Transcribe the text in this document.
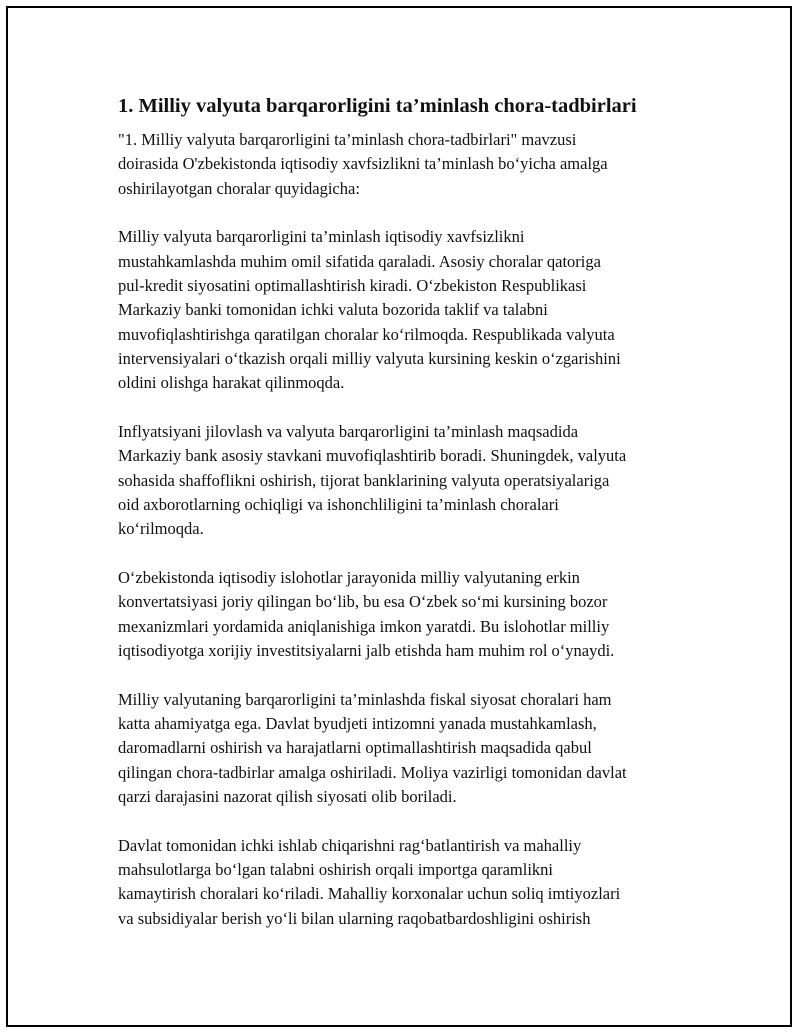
1. Milliy valyuta barqarorligini ta’minlash chora-tadbirlari

"1. Milliy valyuta barqarorligini ta’minlash chora-tadbirlari" mavzusi
doirasida O'zbekistonda iqtisodiy xavfsizlikni ta’minlash bo‘yicha amalga
oshirilayotgan choralar quyidagicha:

Milliy valyuta barqarorligini ta’minlash iqtisodiy xavfsizlikni
mustahkamlashda muhim omil sifatida qaraladi. Asosiy choralar qatoriga
pul-kredit siyosatini optimallashtirish kiradi. O‘zbekiston Respublikasi
Markaziy banki tomonidan ichki valuta bozorida taklif va talabni
muvofiqlashtirishga qaratilgan choralar ko‘rilmoqda. Respublikada valyuta
intervensiyalari o‘tkazish orqali milliy valyuta kursining keskin o‘zgarishini
oldini olishga harakat qilinmoqda.

Inflyatsiyani jilovlash va valyuta barqarorligini ta’minlash maqsadida
Markaziy bank asosiy stavkani muvofiqlashtirib boradi. Shuningdek, valyuta
sohasida shaffoflikni oshirish, tijorat banklarining valyuta operatsiyalariga
oid axborotlarning ochiqligi va ishonchliligini ta’minlash choralari
ko‘rilmoqda.

O‘zbekistonda iqtisodiy islohotlar jarayonida milliy valyutaning erkin
konvertatsiyasi joriy qilingan bo‘lib, bu esa O‘zbek so‘mi kursining bozor
mexanizmlari yordamida aniqlanishiga imkon yaratdi. Bu islohotlar milliy
iqtisodiyotga xorijiy investitsiyalarni jalb etishda ham muhim rol o‘ynaydi.

Milliy valyutaning barqarorligini ta’minlashda fiskal siyosat choralari ham
katta ahamiyatga ega. Davlat byudjeti intizomni yanada mustahkamlash,
daromadlarni oshirish va harajatlarni optimallashtirish maqsadida qabul
qilingan chora-tadbirlar amalga oshiriladi. Moliya vazirligi tomonidan davlat
qarzi darajasini nazorat qilish siyosati olib boriladi.

Davlat tomonidan ichki ishlab chiqarishni rag‘batlantirish va mahalliy
mahsulotlarga bo‘lgan talabni oshirish orqali importga qaramlikni
kamaytirish choralari ko‘riladi. Mahalliy korxonalar uchun soliq imtiyozlari
va subsidiyalar berish yo‘li bilan ularning raqobatbardoshligini oshirish
